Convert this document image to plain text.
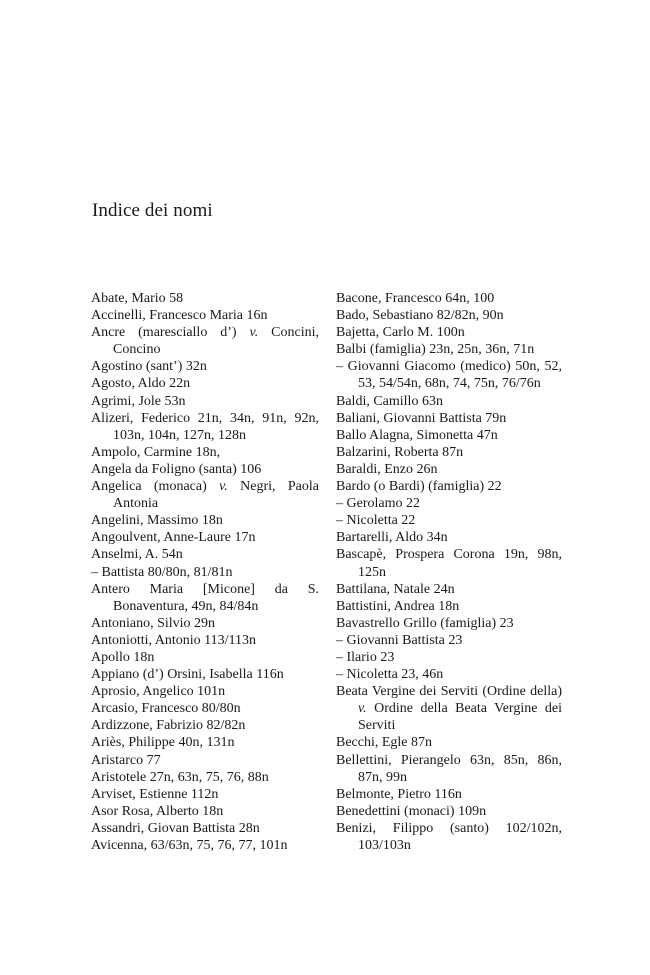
Indice dei nomi

Abate, Mario 58

Accinelli, Francesco Maria 16n

Ancre (maresciallo d’) v. Concini, Concino

Agostino (sant’) 32n

Agosto, Aldo 22n

Agrimi, Jole 53n

Alizeri, Federico 21n, 34n, 91n, 92n, 103n, 104n, 127n, 128n

Ampolo, Carmine 18n,

Angela da Foligno (santa) 106

Angelica (monaca) v. Negri, Paola Antonia

Angelini, Massimo 18n

Angoulvent, Anne-Laure 17n

Anselmi, A. 54n

– Battista 80/80n, 81/81n

Antero Maria [Micone] da S. Bonaventura, 49n, 84/84n

Antoniano, Silvio 29n

Antoniotti, Antonio 113/113n

Apollo 18n

Appiano (d’) Orsini, Isabella 116n

Aprosio, Angelico 101n

Arcasio, Francesco 80/80n

Ardizzone, Fabrizio 82/82n

Ariès, Philippe 40n, 131n

Aristarco 77

Aristotele 27n, 63n, 75, 76, 88n

Arviset, Estienne 112n

Asor Rosa, Alberto 18n

Assandri, Giovan Battista 28n

Avicenna, 63/63n, 75, 76, 77, 101n

Bacone, Francesco 64n, 100

Bado, Sebastiano 82/82n, 90n

Bajetta, Carlo M. 100n

Balbi (famiglia) 23n, 25n, 36n, 71n

– Giovanni Giacomo (medico) 50n, 52, 53, 54/54n, 68n, 74, 75n, 76/76n

Baldi, Camillo 63n

Baliani, Giovanni Battista 79n

Ballo Alagna, Simonetta 47n

Balzarini, Roberta 87n

Baraldi, Enzo 26n

Bardo (o Bardi) (famiglia) 22

– Gerolamo 22

– Nicoletta 22

Bartarelli, Aldo 34n

Bascapè, Prospera Corona 19n, 98n, 125n

Battilana, Natale 24n

Battistini, Andrea 18n

Bavastrello Grillo (famiglia) 23

– Giovanni Battista 23

– Ilario 23

– Nicoletta 23, 46n

Beata Vergine dei Serviti (Ordine della) v. Ordine della Beata Vergine dei Serviti

Becchi, Egle 87n

Bellettini, Pierangelo 63n, 85n, 86n, 87n, 99n

Belmonte, Pietro 116n

Benedettini (monaci) 109n

Benizi, Filippo (santo) 102/102n, 103/103n
